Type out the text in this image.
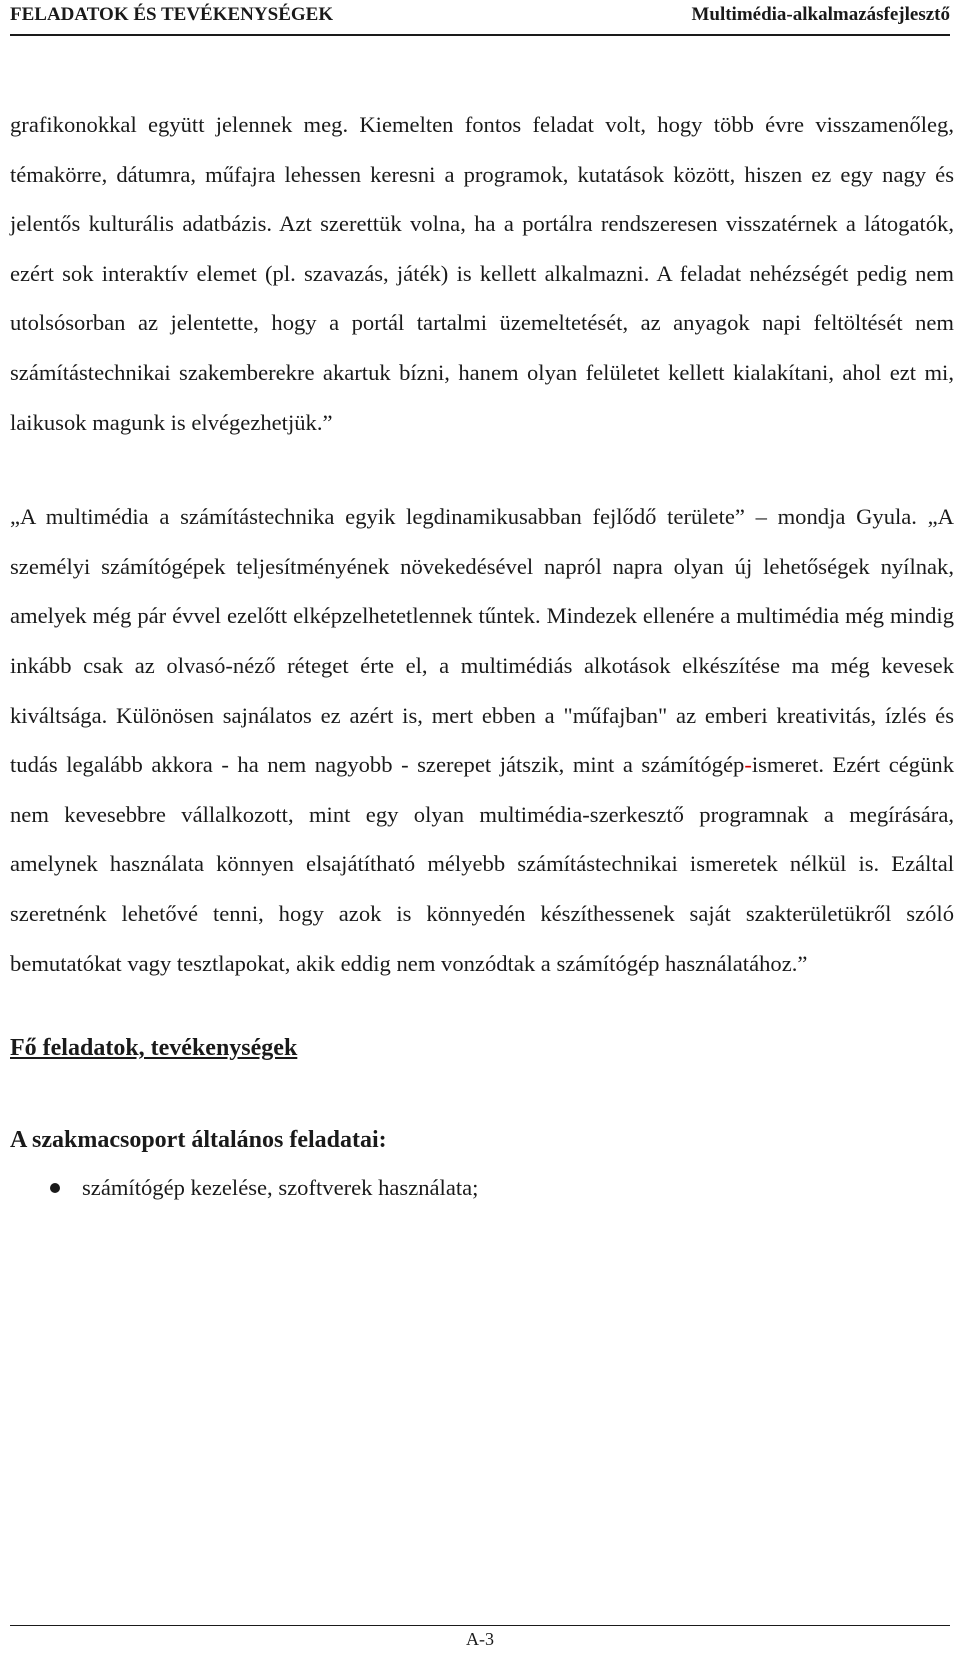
FELADATOK ÉS TEVÉKENYSÉGEK	Multimédia-alkalmazásfejlesztő

grafikonokkal együtt jelennek meg. Kiemelten fontos feladat volt, hogy több évre visszamenőleg, témakörre, dátumra, műfajra lehessen keresni a programok, kutatások között, hiszen ez egy nagy és jelentős kulturális adatbázis. Azt szerettük volna, ha a portálra rendszeresen visszatérnek a látogatók, ezért sok interaktív elemet (pl. szavazás, játék) is kellett alkalmazni. A feladat nehézségét pedig nem utolsósorban az jelentette, hogy a portál tartalmi üzemeltetését, az anyagok napi feltöltését nem számítástechnikai szakemberekre akartuk bízni, hanem olyan felületet kellett kialakítani, ahol ezt mi, laikusok magunk is elvégezhetjük.”

„A multimédia a számítástechnika egyik legdinamikusabban fejlődő területe” – mondja Gyula. „A személyi számítógépek teljesítményének növekedésével napról napra olyan új lehetőségek nyílnak, amelyek még pár évvel ezelőtt elképzelhetetlennek tűntek. Mindezek ellenére a multimédia még mindig inkább csak az olvasó-néző réteget érte el, a multimédiás alkotások elkészítése ma még kevesek kiváltsága. Különösen sajnálatos ez azért is, mert ebben a "műfajban" az emberi kreativitás, ízlés és tudás legalább akkora - ha nem nagyobb - szerepet játszik, mint a számítógép-ismeret. Ezért cégünk nem kevesebbre vállalkozott, mint egy olyan multimédia-szerkesztő programnak a megírására, amelynek használata könnyen elsajátítható mélyebb számítástechnikai ismeretek nélkül is. Ezáltal szeretnénk lehetővé tenni, hogy azok is könnyedén készíthessenek saját szakterületükről szóló bemutatókat vagy tesztlapokat, akik eddig nem vonzódtak a számítógép használatához.”

Fő feladatok, tevékenységek
A szakmacsoport általános feladatai:
számítógép kezelése, szoftverek használata;
A-3
